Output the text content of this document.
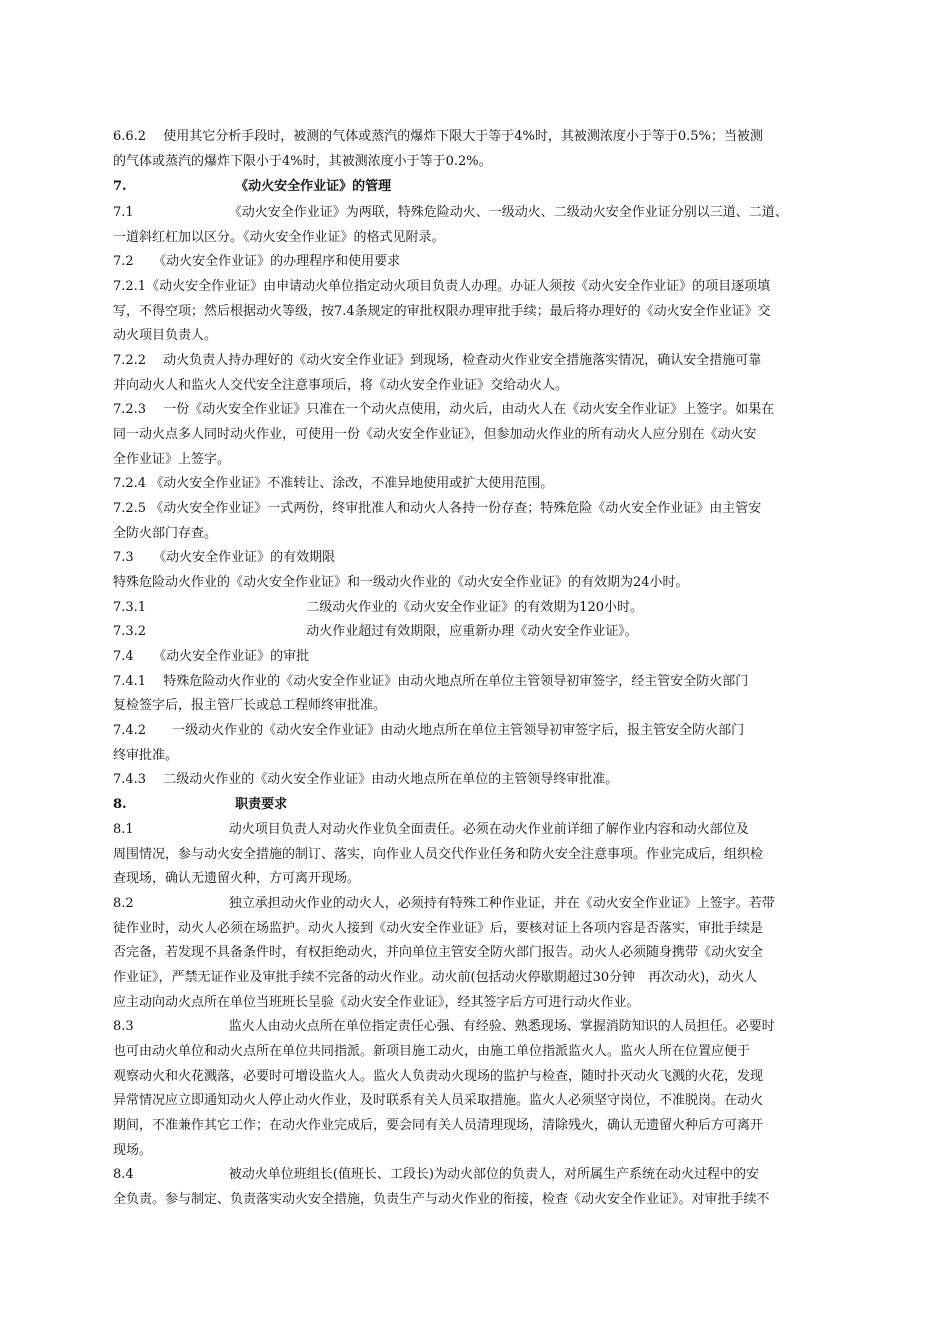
6.6.2　 使用其它分析手段时，被测的气体或蒸汽的爆炸下限大于等于4%时，其被测浓度小于等于0.5%；当被测
的气体或蒸汽的爆炸下限小于4%时，其被测浓度小于等于0.2%。
7.　　　　　　　　 《动火安全作业证》的管理
7.1　　　　　　　 《动火安全作业证》为两联，特殊危险动火、一级动火、二级动火安全作业证分别以三道、二道、
一道斜红杠加以区分。《动火安全作业证》的格式见附录。
7.2　　《动火安全作业证》的办理程序和使用要求
7.2.1《动火安全作业证》由申请动火单位指定动火项目负责人办理。办证人须按《动火安全作业证》的项目逐项填
写，不得空项；然后根据动火等级，按7.4条规定的审批权限办理审批手续；最后将办理好的《动火安全作业证》交
动火项目负责人。
7.2.2　 动火负责人持办理好的《动火安全作业证》到现场，检查动火作业安全措施落实情况，确认安全措施可靠
并向动火人和监火人交代安全注意事项后，将《动火安全作业证》交给动火人。
7.2.3　 一份《动火安全作业证》只准在一个动火点使用，动火后，由动火人在《动火安全作业证》上签字。如果在
同一动火点多人同时动火作业，可使用一份《动火安全作业证》，但参加动火作业的所有动火人应分别在《动火安
全作业证》上签字。
7.2.4 《动火安全作业证》不准转让、涂改，不准异地使用或扩大使用范围。
7.2.5 《动火安全作业证》一式两份，终审批准人和动火人各持一份存查；特殊危险《动火安全作业证》由主管安
全防火部门存查。
7.3　　《动火安全作业证》的有效期限
特殊危险动火作业的《动火安全作业证》和一级动火作业的《动火安全作业证》的有效期为24小时。
7.3.1　　　　　　　　　　　　 二级动火作业的《动火安全作业证》的有效期为120小时。
7.3.2　　　　　　　　　　　　 动火作业超过有效期限，应重新办理《动火安全作业证》。
7.4　　《动火安全作业证》的审批
7.4.1　 特殊危险动火作业的《动火安全作业证》由动火地点所在单位主管领导初审签字，经主管安全防火部门
复检签字后，报主管厂长或总工程师终审批准。
7.4.2　　一级动火作业的《动火安全作业证》由动火地点所在单位主管领导初审签字后，报主管安全防火部门
终审批准。
7.4.3　 二级动火作业的《动火安全作业证》由动火地点所在单位的主管领导终审批准。
8.　　　　　　　　 职责要求
8.1　　　　　　　 动火项目负责人对动火作业负全面责任。必须在动火作业前详细了解作业内容和动火部位及
周围情况，参与动火安全措施的制订、落实，向作业人员交代作业任务和防火安全注意事项。作业完成后，组织检
查现场，确认无遗留火种，方可离开现场。
8.2　　　　　　　 独立承担动火作业的动火人，必须持有特殊工种作业证，并在《动火安全作业证》上签字。若带
徒作业时，动火人必须在场监护。动火人接到《动火安全作业证》后，要核对证上各项内容是否落实，审批手续是
否完备，若发现不具备条件时，有权拒绝动火，并向单位主管安全防火部门报告。动火人必须随身携带《动火安全
作业证》，严禁无证作业及审批手续不完备的动火作业。动火前(包括动火停歇期超过30分钟　再次动火)，动火人
应主动向动火点所在单位当班班长呈验《动火安全作业证》，经其签字后方可进行动火作业。
8.3　　　　　　　 监火人由动火点所在单位指定责任心强、有经验、熟悉现场、掌握消防知识的人员担任。必要时
也可由动火单位和动火点所在单位共同指派。新项目施工动火，由施工单位指派监火人。监火人所在位置应便于
观察动火和火花溅落，必要时可增设监火人。监火人负责动火现场的监护与检查，随时扑灭动火飞溅的火花，发现
异常情况应立即通知动火人停止动火作业，及时联系有关人员采取措施。监火人必须坚守岗位，不准脱岗。在动火
期间，不准兼作其它工作；在动火作业完成后，要会同有关人员清理现场，清除残火，确认无遗留火种后方可离开
现场。
8.4　　　　　　　 被动火单位班组长(值班长、工段长)为动火部位的负责人，对所属生产系统在动火过程中的安
全负责。参与制定、负责落实动火安全措施，负责生产与动火作业的衔接，检查《动火安全作业证》。对审批手续不
